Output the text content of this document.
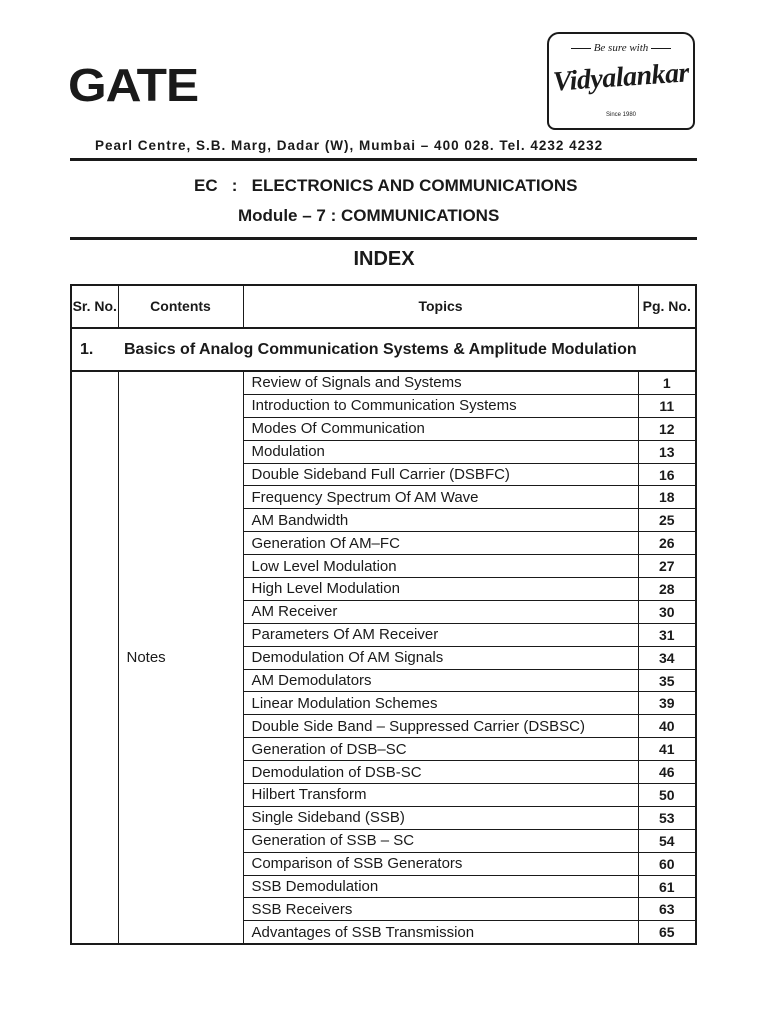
GATE
Be sure with
Vidyalankar
Since 1980
Pearl Centre, S.B. Marg, Dadar (W), Mumbai – 400 028. Tel. 4232 4232
EC   :   ELECTRONICS AND COMMUNICATIONS
Module – 7 : COMMUNICATIONS
INDEX
Sr. No.	Contents	Topics	Pg. No.
1. Basics of Analog Communication Systems & Amplitude Modulation			
	Notes	Review of Signals and Systems	1
		Introduction to Communication Systems	11
		Modes Of Communication	12
		Modulation	13
		Double Sideband Full Carrier (DSBFC)	16
		Frequency Spectrum Of AM Wave	18
		AM Bandwidth	25
		Generation Of AM–FC	26
		Low Level Modulation	27
		High Level Modulation	28
		AM Receiver	30
		Parameters Of AM Receiver	31
		Demodulation Of AM Signals	34
		AM Demodulators	35
		Linear Modulation Schemes	39
		Double Side Band – Suppressed Carrier (DSBSC)	40
		Generation of DSB–SC	41
		Demodulation of DSB-SC	46
		Hilbert Transform	50
		Single Sideband (SSB)	53
		Generation of SSB – SC	54
		Comparison of SSB Generators	60
		SSB Demodulation	61
		SSB Receivers	63
		Advantages of SSB Transmission	65
